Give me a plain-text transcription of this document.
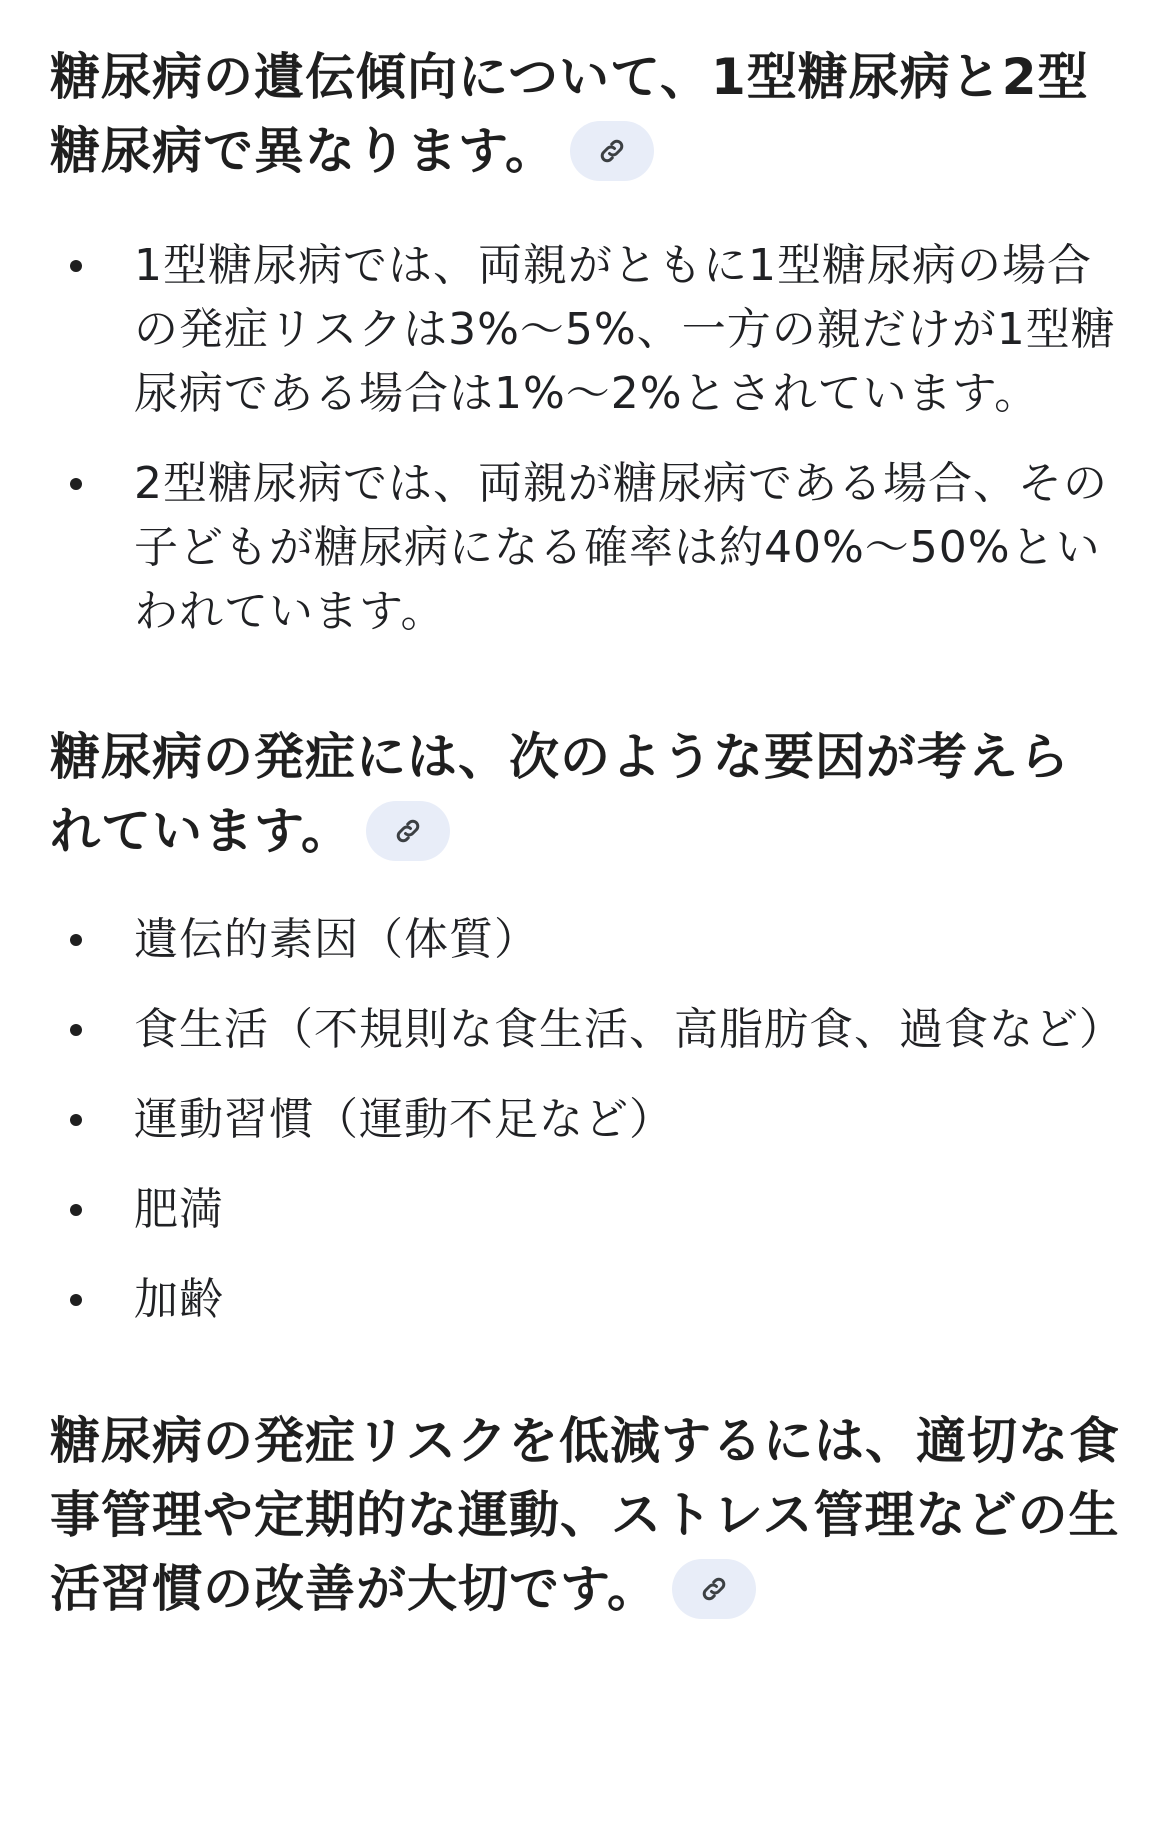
糖尿病の遺伝傾向について、1型糖尿病と2型糖尿病で異なります。

1型糖尿病では、両親がともに1型糖尿病の場合の発症リスクは3%〜5%、一方の親だけが1型糖尿病である場合は1%〜2%とされています。
2型糖尿病では、両親が糖尿病である場合、その子どもが糖尿病になる確率は約40%〜50%といわれています。

糖尿病の発症には、次のような要因が考えられています。

遺伝的素因（体質）
食生活（不規則な食生活、高脂肪食、過食など）
運動習慣（運動不足など）
肥満
加齢

糖尿病の発症リスクを低減するには、適切な食事管理や定期的な運動、ストレス管理などの生活習慣の改善が大切です。
